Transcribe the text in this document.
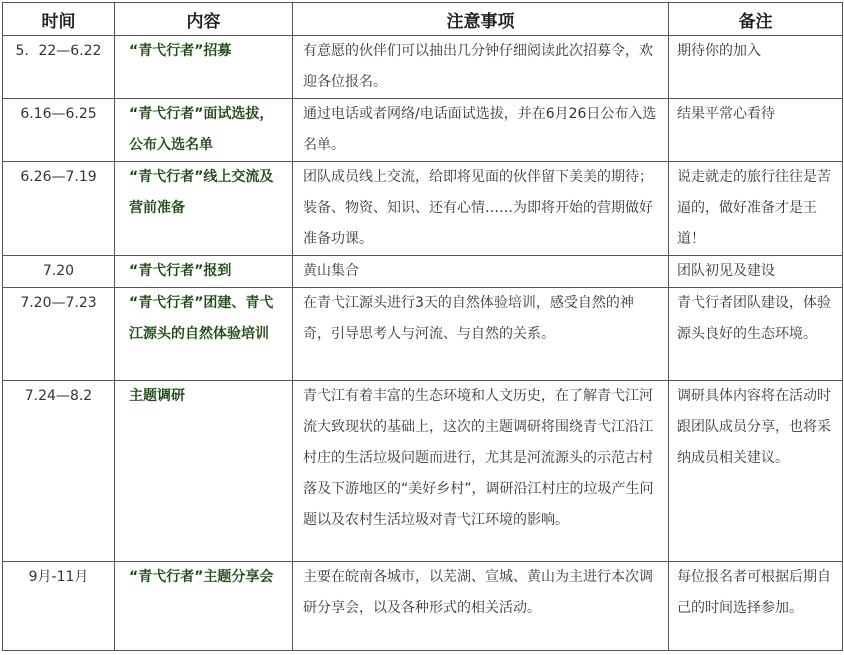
时间	内容	注意事项	备注
5．22—6.22	“青弋行者”招募	有意愿的伙伴们可以抽出几分钟仔细阅读此次招募令，欢迎各位报名。	期待你的加入
6.16—6.25	“青弋行者”面试选拔，公布入选名单	通过电话或者网络/电话面试选拔，并在6月26日公布入选名单。	结果平常心看待
6.26—7.19	“青弋行者”线上交流及营前准备	团队成员线上交流，给即将见面的伙伴留下美美的期待；装备、物资、知识、还有心情……为即将开始的营期做好准备功课。	说走就走的旅行往往是苦逼的，做好准备才是王道！
7.20	“青弋行者”报到	黄山集合	团队初见及建设
7.20—7.23	“青弋行者”团建、青弋江源头的自然体验培训	在青弋江源头进行3天的自然体验培训，感受自然的神奇，引导思考人与河流、与自然的关系。	青弋行者团队建设，体验源头良好的生态环境。
7.24—8.2	主题调研	青弋江有着丰富的生态环境和人文历史，在了解青弋江河流大致现状的基础上，这次的主题调研将围绕青弋江沿江村庄的生活垃圾问题而进行，尤其是河流源头的示范古村落及下游地区的“美好乡村”，调研沿江村庄的垃圾产生问题以及农村生活垃圾对青弋江环境的影响。	调研具体内容将在活动时跟团队成员分享，也将采纳成员相关建议。
9月-11月	“青弋行者”主题分享会	主要在皖南各城市，以芜湖、宣城、黄山为主进行本次调研分享会，以及各种形式的相关活动。	每位报名者可根据后期自己的时间选择参加。
